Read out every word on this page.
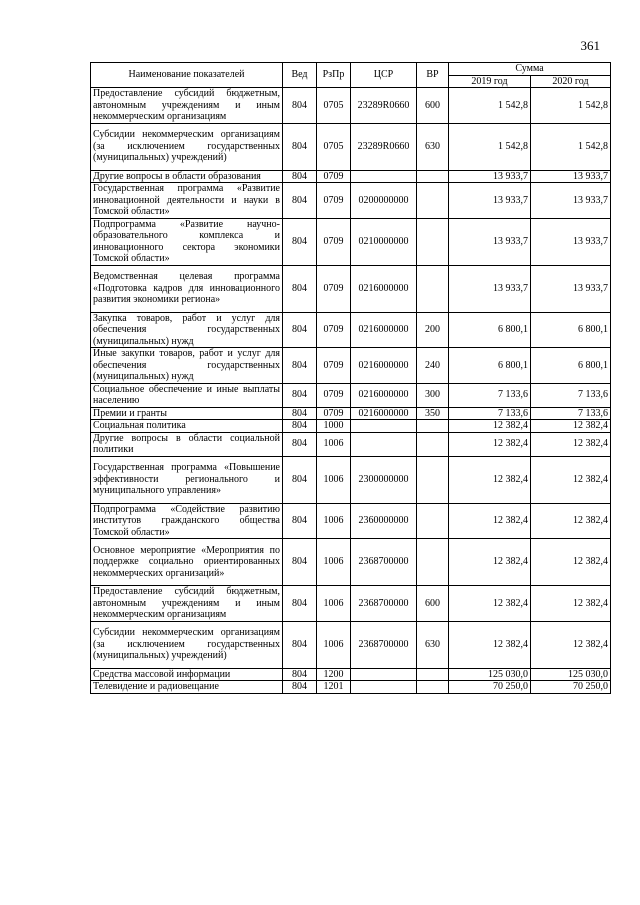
361
Наименование показателей	Вед	РзПр	ЦСР	ВР	Сумма	
					2019 год	2020 год
Предоставление субсидий бюджетным, автономным учреждениям и иным некоммерческим организациям	804	0705	23289R0660	600	1 542,8	1 542,8
Субсидии некоммерческим организациям (за исключением государственных (муниципальных) учреждений)	804	0705	23289R0660	630	1 542,8	1 542,8
Другие вопросы в области образования	804	0709			13 933,7	13 933,7
Государственная программа «Развитие инновационной деятельности и науки в Томской области»	804	0709	0200000000		13 933,7	13 933,7
Подпрограмма «Развитие научно-образовательного комплекса и инновационного сектора экономики Томской области»	804	0709	0210000000		13 933,7	13 933,7
Ведомственная целевая программа «Подготовка кадров для инновационного развития экономики региона»	804	0709	0216000000		13 933,7	13 933,7
Закупка товаров, работ и услуг для обеспечения государственных (муниципальных) нужд	804	0709	0216000000	200	6 800,1	6 800,1
Иные закупки товаров, работ и услуг для обеспечения государственных (муниципальных) нужд	804	0709	0216000000	240	6 800,1	6 800,1
Социальное обеспечение и иные выплаты населению	804	0709	0216000000	300	7 133,6	7 133,6
Премии и гранты	804	0709	0216000000	350	7 133,6	7 133,6
Социальная политика	804	1000			12 382,4	12 382,4
Другие вопросы в области социальной политики	804	1006			12 382,4	12 382,4
Государственная программа «Повышение эффективности регионального и муниципального управления»	804	1006	2300000000		12 382,4	12 382,4
Подпрограмма «Содействие развитию институтов гражданского общества Томской области»	804	1006	2360000000		12 382,4	12 382,4
Основное мероприятие «Мероприятия по поддержке социально ориентированных некоммерческих организаций»	804	1006	2368700000		12 382,4	12 382,4
Предоставление субсидий бюджетным, автономным учреждениям и иным некоммерческим организациям	804	1006	2368700000	600	12 382,4	12 382,4
Субсидии некоммерческим организациям (за исключением государственных (муниципальных) учреждений)	804	1006	2368700000	630	12 382,4	12 382,4
Средства массовой информации	804	1200			125 030,0	125 030,0
Телевидение и радиовещание	804	1201			70 250,0	70 250,0
